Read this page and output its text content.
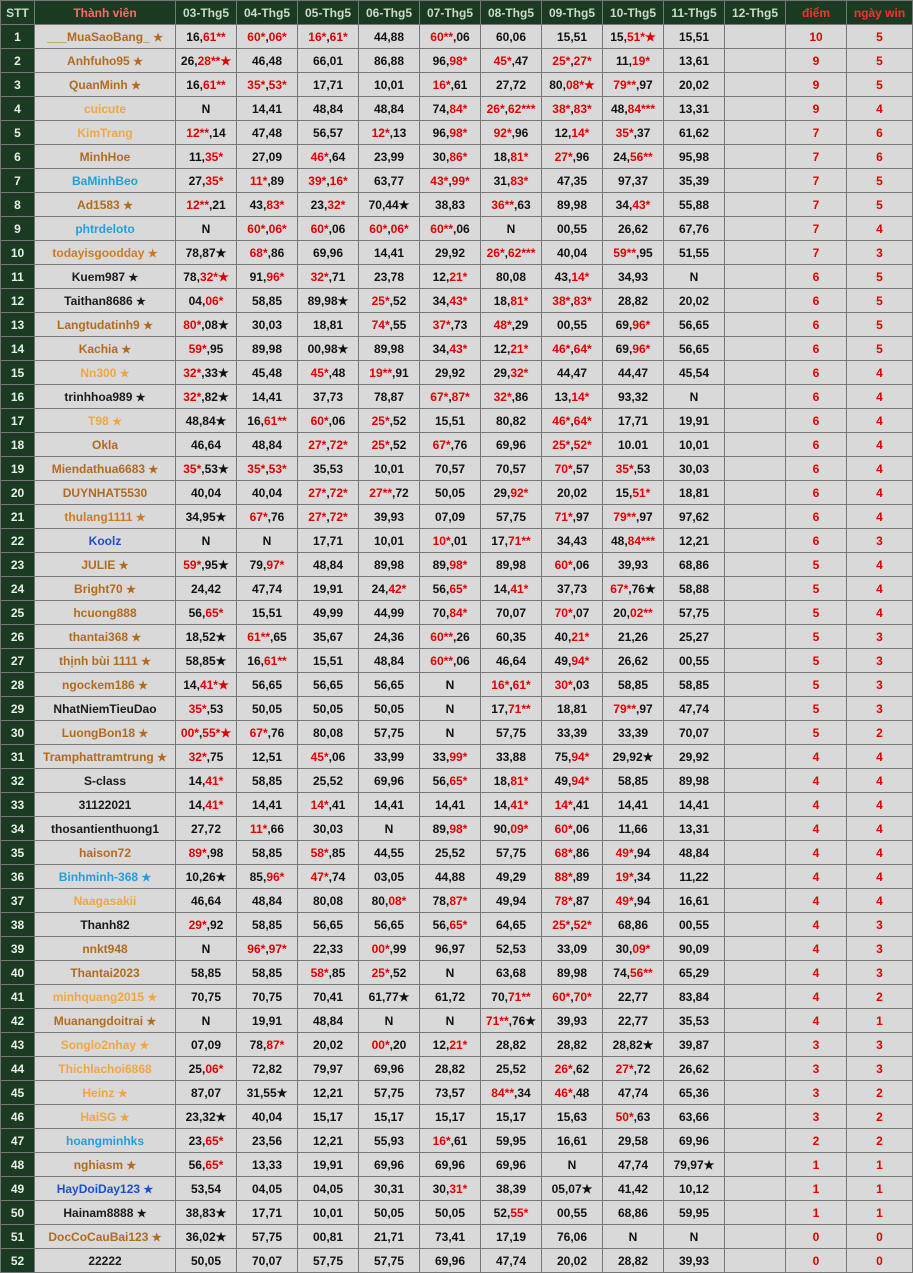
STT	Thành viên	03-Thg5	04-Thg5	05-Thg5	06-Thg5	07-Thg5	08-Thg5	09-Thg5	10-Thg5	11-Thg5	12-Thg5	điểm	ngày win
1	___MuaSaoBang_ ★	16,61**	60*,06*	16*,61*	44,88	60**,06	60,06	15,51	15,51*★	15,51		10	5
2	Anhfuho95 ★	26,28**★	46,48	66,01	86,88	96,98*	45*,47	25*,27*	11,19*	13,61		9	5
3	QuanMinh ★	16,61**	35*,53*	17,71	10,01	16*,61	27,72	80,08*★	79**,97	20,02		9	5
4	cuicute	N	14,41	48,84	48,84	74,84*	26*,62***	38*,83*	48,84***	13,31		9	4
5	KimTrang	12**,14	47,48	56,57	12*,13	96,98*	92*,96	12,14*	35*,37	61,62		7	6
6	MinhHoe	11,35*	27,09	46*,64	23,99	30,86*	18,81*	27*,96	24,56**	95,98		7	6
7	BaMinhBeo	27,35*	11*,89	39*,16*	63,77	43*,99*	31,83*	47,35	97,37	35,39		7	5
8	Ad1583 ★	12**,21	43,83*	23,32*	70,44★	38,83	36**,63	89,98	34,43*	55,88		7	5
9	phtrdeloto	N	60*,06*	60*,06	60*,06*	60**,06	N	00,55	26,62	67,76		7	4
10	todayisgoodday ★	78,87★	68*,86	69,96	14,41	29,92	26*,62***	40,04	59**,95	51,55		7	3
11	Kuem987 ★	78,32*★	91,96*	32*,71	23,78	12,21*	80,08	43,14*	34,93	N		6	5
12	Taithan8686 ★	04,06*	58,85	89,98★	25*,52	34,43*	18,81*	38*,83*	28,82	20,02		6	5
13	Langtudatinh9 ★	80*,08★	30,03	18,81	74*,55	37*,73	48*,29	00,55	69,96*	56,65		6	5
14	Kachia ★	59*,95	89,98	00,98★	89,98	34,43*	12,21*	46*,64*	69,96*	56,65		6	5
15	Nn300 ★	32*,33★	45,48	45*,48	19**,91	29,92	29,32*	44,47	44,47	45,54		6	4
16	trinhhoa989 ★	32*,82★	14,41	37,73	78,87	67*,87*	32*,86	13,14*	93,32	N		6	4
17	T98 ★	48,84★	16,61**	60*,06	25*,52	15,51	80,82	46*,64*	17,71	19,91		6	4
18	Okla	46,64	48,84	27*,72*	25*,52	67*,76	69,96	25*,52*	10.01	10,01		6	4
19	Miendathua6683 ★	35*,53★	35*,53*	35,53	10,01	70,57	70,57	70*,57	35*,53	30,03		6	4
20	DUYNHAT5530	40,04	40,04	27*,72*	27**,72	50,05	29,92*	20,02	15,51*	18,81		6	4
21	thulang1111 ★	34,95★	67*,76	27*,72*	39,93	07,09	57,75	71*,97	79**,97	97,62		6	4
22	Koolz	N	N	17,71	10,01	10*,01	17,71**	34,43	48,84***	12,21		6	3
23	JULIE ★	59*,95★	79,97*	48,84	89,98	89,98*	89,98	60*,06	39,93	68,86		5	4
24	Bright70 ★	24,42	47,74	19,91	24,42*	56,65*	14,41*	37,73	67*,76★	58,88		5	4
25	hcuong888	56,65*	15,51	49,99	44,99	70,84*	70,07	70*,07	20,02**	57,75		5	4
26	thantai368 ★	18,52★	61**,65	35,67	24,36	60**,26	60,35	40,21*	21,26	25,27		5	3
27	thịnh bùi 1111 ★	58,85★	16,61**	15,51	48,84	60**,06	46,64	49,94*	26,62	00,55		5	3
28	ngockem186 ★	14,41*★	56,65	56,65	56,65	N	16*,61*	30*,03	58,85	58,85		5	3
29	NhatNiemTieuDao	35*,53	50,05	50,05	50,05	N	17,71**	18,81	79**,97	47,74		5	3
30	LuongBon18 ★	00*,55*★	67*,76	80,08	57,75	N	57,75	33,39	33,39	70,07		5	2
31	Tramphattramtrung ★	32*,75	12,51	45*,06	33,99	33,99*	33,88	75,94*	29,92★	29,92		4	4
32	S-class	14,41*	58,85	25,52	69,96	56,65*	18,81*	49,94*	58,85	89,98		4	4
33	31122021	14,41*	14,41	14*,41	14,41	14,41	14,41*	14*,41	14,41	14,41		4	4
34	thosantienthuong1	27,72	11*,66	30,03	N	89,98*	90,09*	60*,06	11,66	13,31		4	4
35	haison72	89*,98	58,85	58*,85	44,55	25,52	57,75	68*,86	49*,94	48,84		4	4
36	Binhminh-368 ★	10,26★	85,96*	47*,74	03,05	44,88	49,29	88*,89	19*,34	11,22		4	4
37	Naagasakii	46,64	48,84	80,08	80,08*	78,87*	49,94	78*,87	49*,94	16,61		4	4
38	Thanh82	29*,92	58,85	56,65	56,65	56,65*	64,65	25*,52*	68,86	00,55		4	3
39	nnkt948	N	96*,97*	22,33	00*,99	96,97	52,53	33,09	30,09*	90,09		4	3
40	Thantai2023	58,85	58,85	58*,85	25*,52	N	63,68	89,98	74,56**	65,29		4	3
41	minhquang2015 ★	70,75	70,75	70,41	61,77★	61,72	70,71**	60*,70*	22,77	83,84		4	2
42	Muanangdoitrai ★	N	19,91	48,84	N	N	71**,76★	39,93	22,77	35,53		4	1
43	Songlo2nhay ★	07,09	78,87*	20,02	00*,20	12,21*	28,82	28,82	28,82★	39,87		3	3
44	Thichlachoi6868	25,06*	72,82	79,97	69,96	28,82	25,52	26*,62	27*,72	26,62		3	3
45	Heinz ★	87,07	31,55★	12,21	57,75	73,57	84**,34	46*,48	47,74	65,36		3	2
46	HaiSG ★	23,32★	40,04	15,17	15,17	15,17	15,17	15,63	50*,63	63,66		3	2
47	hoangminhks	23,65*	23,56	12,21	55,93	16*,61	59,95	16,61	29,58	69,96		2	2
48	nghiasm ★	56,65*	13,33	19,91	69,96	69,96	69,96	N	47,74	79,97★		1	1
49	HayDoiDay123 ★	53,54	04,05	04,05	30,31	30,31*	38,39	05,07★	41,42	10,12		1	1
50	Hainam8888 ★	38,83★	17,71	10,01	50,05	50,05	52,55*	00,55	68,86	59,95		1	1
51	DocCoCauBai123 ★	36,02★	57,75	00,81	21,71	73,41	17,19	76,06	N	N		0	0
52	22222	50,05	70,07	57,75	57,75	69,96	47,74	20,02	28,82	39,93		0	0
